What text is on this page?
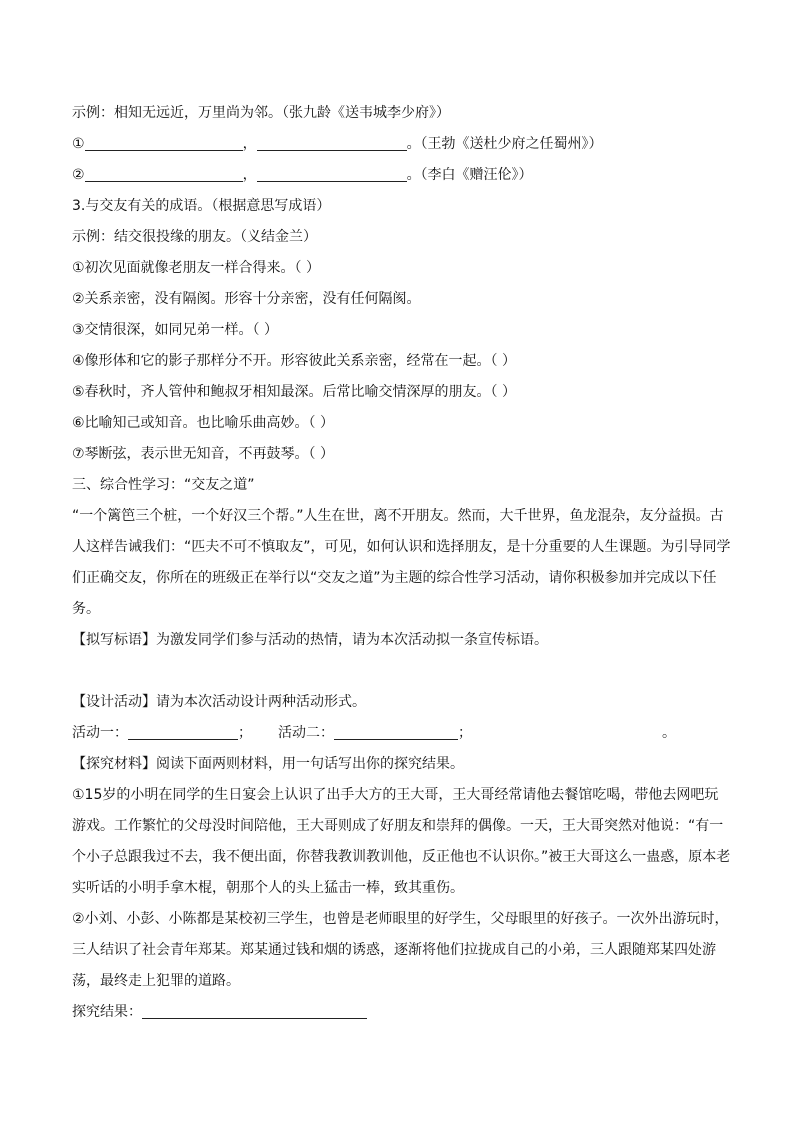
示例：相知无远近，万里尚为邻。（张九龄《送韦城李少府》）
①	，	。（王勃《送杜少府之任蜀州》）
②	，	。（李白《赠汪伦》）
3.与交友有关的成语。（根据意思写成语）
示例：结交很投缘的朋友。（义结金兰）
①初次见面就像老朋友一样合得来。（ ）
②关系亲密，没有隔阂。形容十分亲密，没有任何隔阂。
③交情很深，如同兄弟一样。（ ）
④像形体和它的影子那样分不开。形容彼此关系亲密，经常在一起。（ ）
⑤春秋时，齐人管仲和鲍叔牙相知最深。后常比喻交情深厚的朋友。（ ）
⑥比喻知己或知音。也比喻乐曲高妙。（ ）
⑦琴断弦，表示世无知音，不再鼓琴。（ ）
三、综合性学习：“交友之道”

“一个篱笆三个桩，一个好汉三个帮。”人生在世，离不开朋友。然而，大千世界，鱼龙混杂，友分益损。古人这样告诫我们：“匹夫不可不慎取友”，可见，如何认识和选择朋友，是十分重要的人生课题。为引导同学们正确交友，你所在的班级正在举行以“交友之道”为主题的综合性学习活动，请你积极参加并完成以下任务。

【拟写标语】为激发同学们参与活动的热情，请为本次活动拟一条宣传标语。
【设计活动】请为本次活动设计两种活动形式。
活动一：	； 活动二：	；	。
【探究材料】阅读下面两则材料，用一句话写出你的探究结果。

①15岁的小明在同学的生日宴会上认识了出手大方的王大哥，王大哥经常请他去餐馆吃喝，带他去网吧玩游戏。工作繁忙的父母没时间陪他，王大哥则成了好朋友和崇拜的偶像。一天，王大哥突然对他说：“有一个小子总跟我过不去，我不便出面，你替我教训教训他，反正他也不认识你。”被王大哥这么一蛊惑，原本老实听话的小明手拿木棍，朝那个人的头上猛击一棒，致其重伤。

②小刘、小彭、小陈都是某校初三学生，也曾是老师眼里的好学生，父母眼里的好孩子。一次外出游玩时，三人结识了社会青年郑某。郑某通过钱和烟的诱惑，逐渐将他们拉拢成自己的小弟，三人跟随郑某四处游荡，最终走上犯罪的道路。

探究结果：
